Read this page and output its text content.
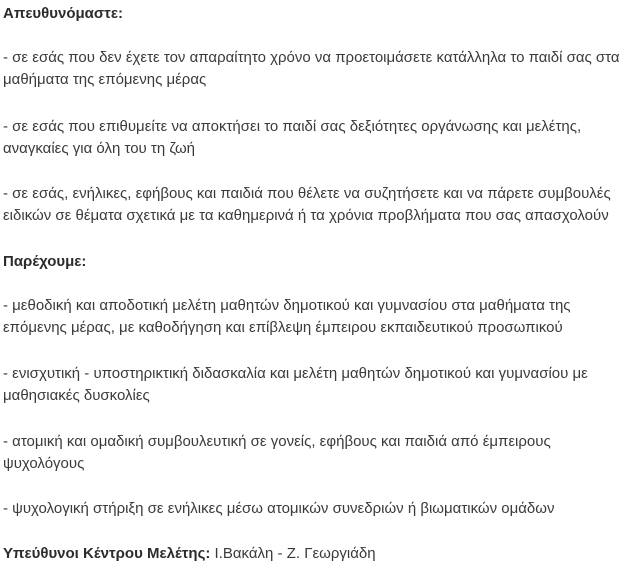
Απευθυνόμαστε:

- σε εσάς που δεν έχετε τον απαραίτητο χρόνο να προετοιμάσετε κατάλληλα το παιδί σας στα

μαθήματα της επόμενης μέρας

- σε εσάς που επιθυμείτε να αποκτήσει το παιδί σας δεξιότητες οργάνωσης και μελέτης,

αναγκαίες για όλη του τη ζωή

- σε εσάς, ενήλικες, εφήβους και παιδιά που θέλετε να συζητήσετε και να πάρετε συμβουλές

ειδικών σε θέματα σχετικά με τα καθημερινά ή τα χρόνια προβλήματα που σας απασχολούν

Παρέχουμε:

- μεθοδική και αποδοτική μελέτη μαθητών δημοτικού και γυμνασίου στα μαθήματα της

επόμενης μέρας, με καθοδήγηση και επίβλεψη έμπειρου εκπαιδευτικού προσωπικού

- ενισχυτική - υποστηρικτική διδασκαλία και μελέτη μαθητών δημοτικού και γυμνασίου με

μαθησιακές δυσκολίες

- ατομική και ομαδική συμβουλευτική σε γονείς, εφήβους και παιδιά από έμπειρους

ψυχολόγους

- ψυχολογική στήριξη σε ενήλικες μέσω ατομικών συνεδριών ή βιωματικών ομάδων

Υπεύθυνοι Κέντρου Μελέτης: Ι.Βακάλη - Ζ. Γεωργιάδη
